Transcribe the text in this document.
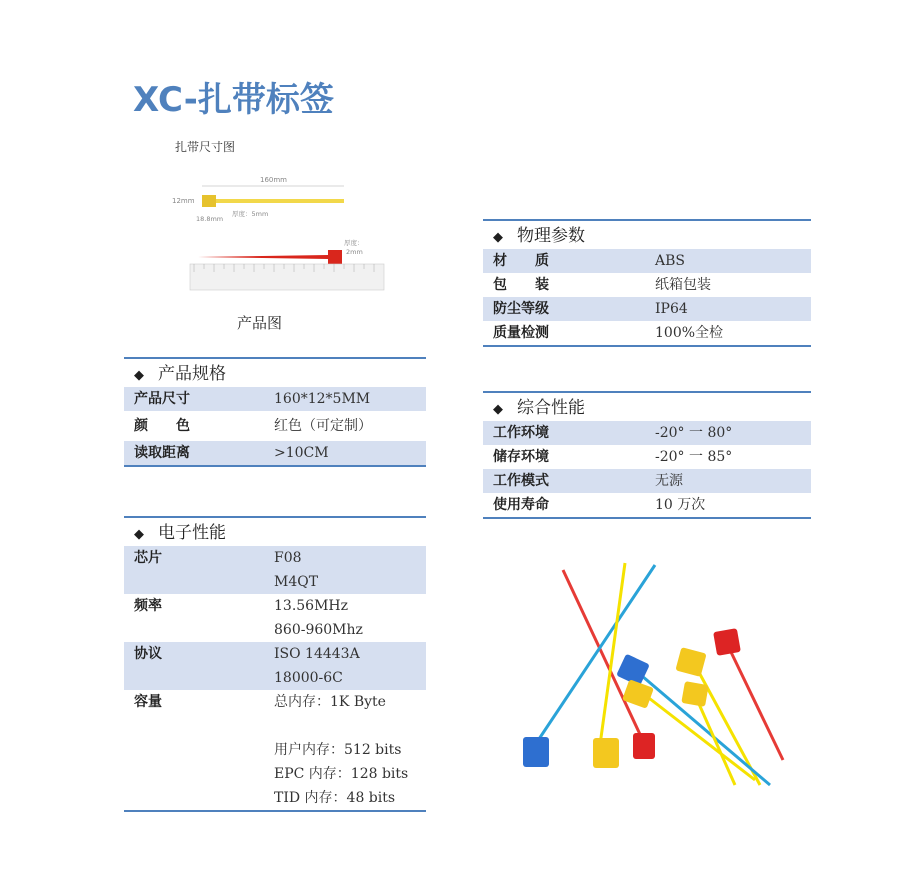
XC-扎带标签
扎带尺寸图
160mm
12mm
18.8mm
厚度：5mm
厚度：
2mm
产品图
◆ 产品规格
产品尺寸	160*12*5MM
颜　　色	红色（可定制）
读取距离	>10CM
◆ 电子性能
芯片	F08
M4QT
频率	13.56MHz
860-960Mhz
协议	ISO 14443A
18000-6C
容量	总内存：1K Byte
用户内存：512 bits
EPC 内存：128 bits
TID 内存：48 bits
◆ 物理参数
材　　质	ABS
包　　装	纸箱包装
防尘等级	IP64
质量检测	100%全检
◆ 综合性能
工作环境	-20° 一 80°
储存环境	-20° 一 85°
工作模式	无源
使用寿命	10 万次
